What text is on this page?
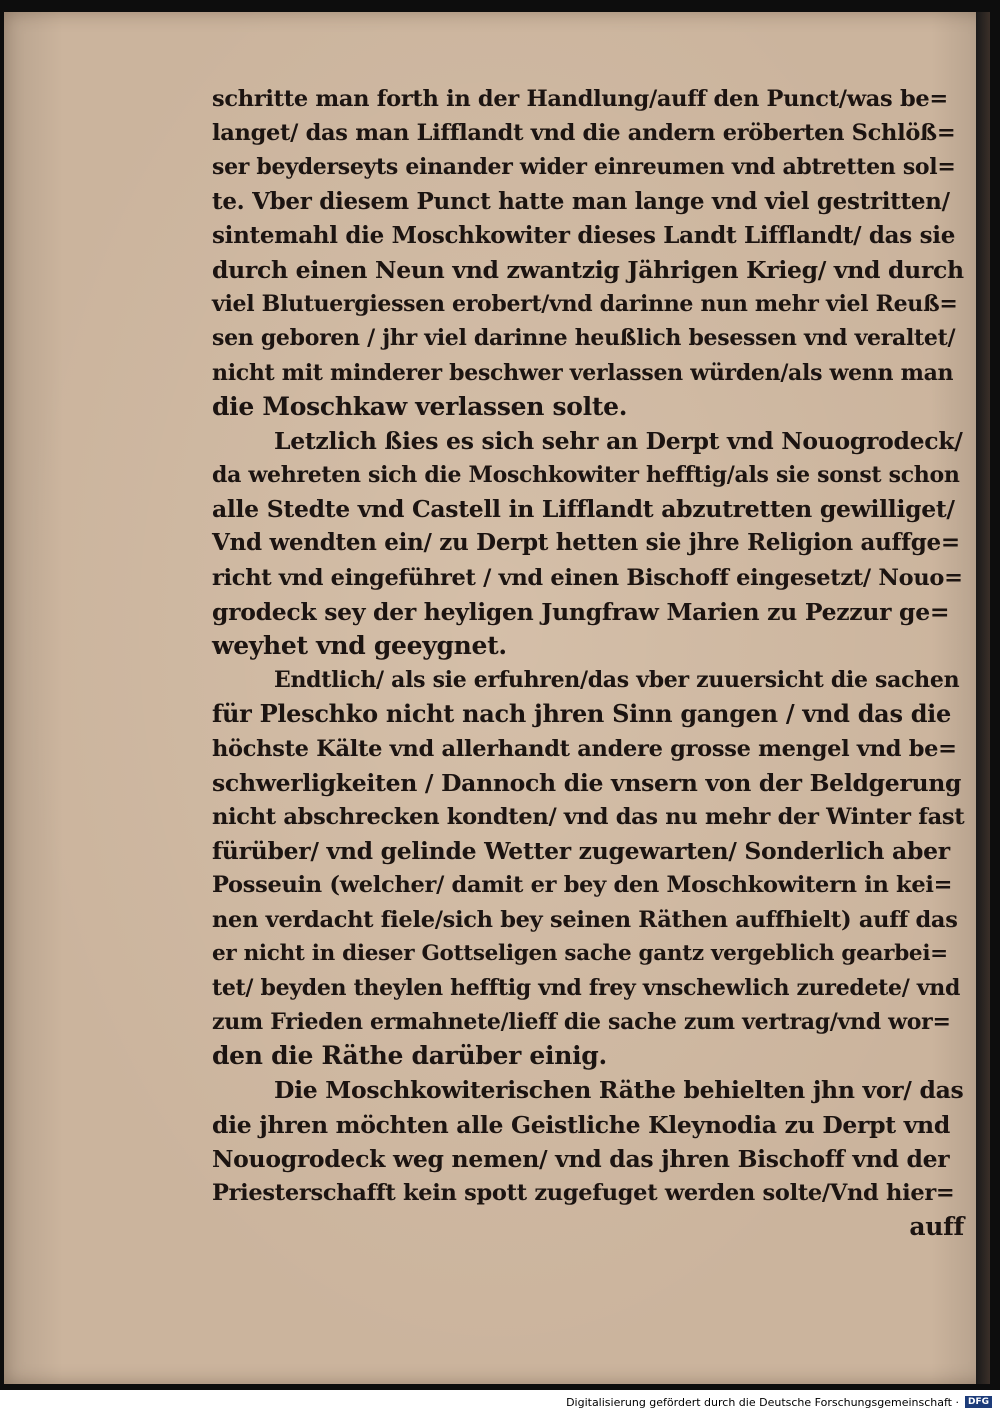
schritte man forth in der Handlung/auff den Punct/was be=
langet/ das man Lifflandt vnd die andern eröberten Schlöß=
ser beyderseyts einander wider einreumen vnd abtretten sol=
te. Vber diesem Punct hatte man lange vnd viel gestritten/
sintemahl die Moschkowiter dieses Landt Lifflandt/ das sie
durch einen Neun vnd zwantzig Jährigen Krieg/ vnd durch
viel Blutuergiessen erobert/vnd darinne nun mehr viel Reuß=
sen geboren / jhr viel darinne heußlich besessen vnd veraltet/
nicht mit minderer beschwer verlassen würden/als wenn man
die Moschkaw verlassen solte.
Letzlich ßies es sich sehr an Derpt vnd Nouogrodeck/
da wehreten sich die Moschkowiter hefftig/als sie sonst schon
alle Stedte vnd Castell in Lifflandt abzutretten gewilliget/
Vnd wendten ein/ zu Derpt hetten sie jhre Religion auffge=
richt vnd eingeführet / vnd einen Bischoff eingesetzt/ Nouo=
grodeck sey der heyligen Jungfraw Marien zu Pezzur ge=
weyhet vnd geeygnet.
Endtlich/ als sie erfuhren/das vber zuuersicht die sachen
für Pleschko nicht nach jhren Sinn gangen / vnd das die
höchste Kälte vnd allerhandt andere grosse mengel vnd be=
schwerligkeiten / Dannoch die vnsern von der Beldgerung
nicht abschrecken kondten/ vnd das nu mehr der Winter fast
fürüber/ vnd gelinde Wetter zugewarten/ Sonderlich aber
Posseuin (welcher/ damit er bey den Moschkowitern in kei=
nen verdacht fiele/sich bey seinen Räthen auffhielt) auff das
er nicht in dieser Gottseligen sache gantz vergeblich gearbei=
tet/ beyden theylen hefftig vnd frey vnschewlich zuredete/ vnd
zum Frieden ermahnete/lieff die sache zum vertrag/vnd wor=
den die Räthe darüber einig.
Die Moschkowiterischen Räthe behielten jhn vor/ das
die jhren möchten alle Geistliche Kleynodia zu Derpt vnd
Nouogrodeck weg nemen/ vnd das jhren Bischoff vnd der
Priesterschafft kein spott zugefuget werden solte/Vnd hier=
auff
Digitalisierung gefördert durch die Deutsche Forschungsgemeinschaft ·	DFG
